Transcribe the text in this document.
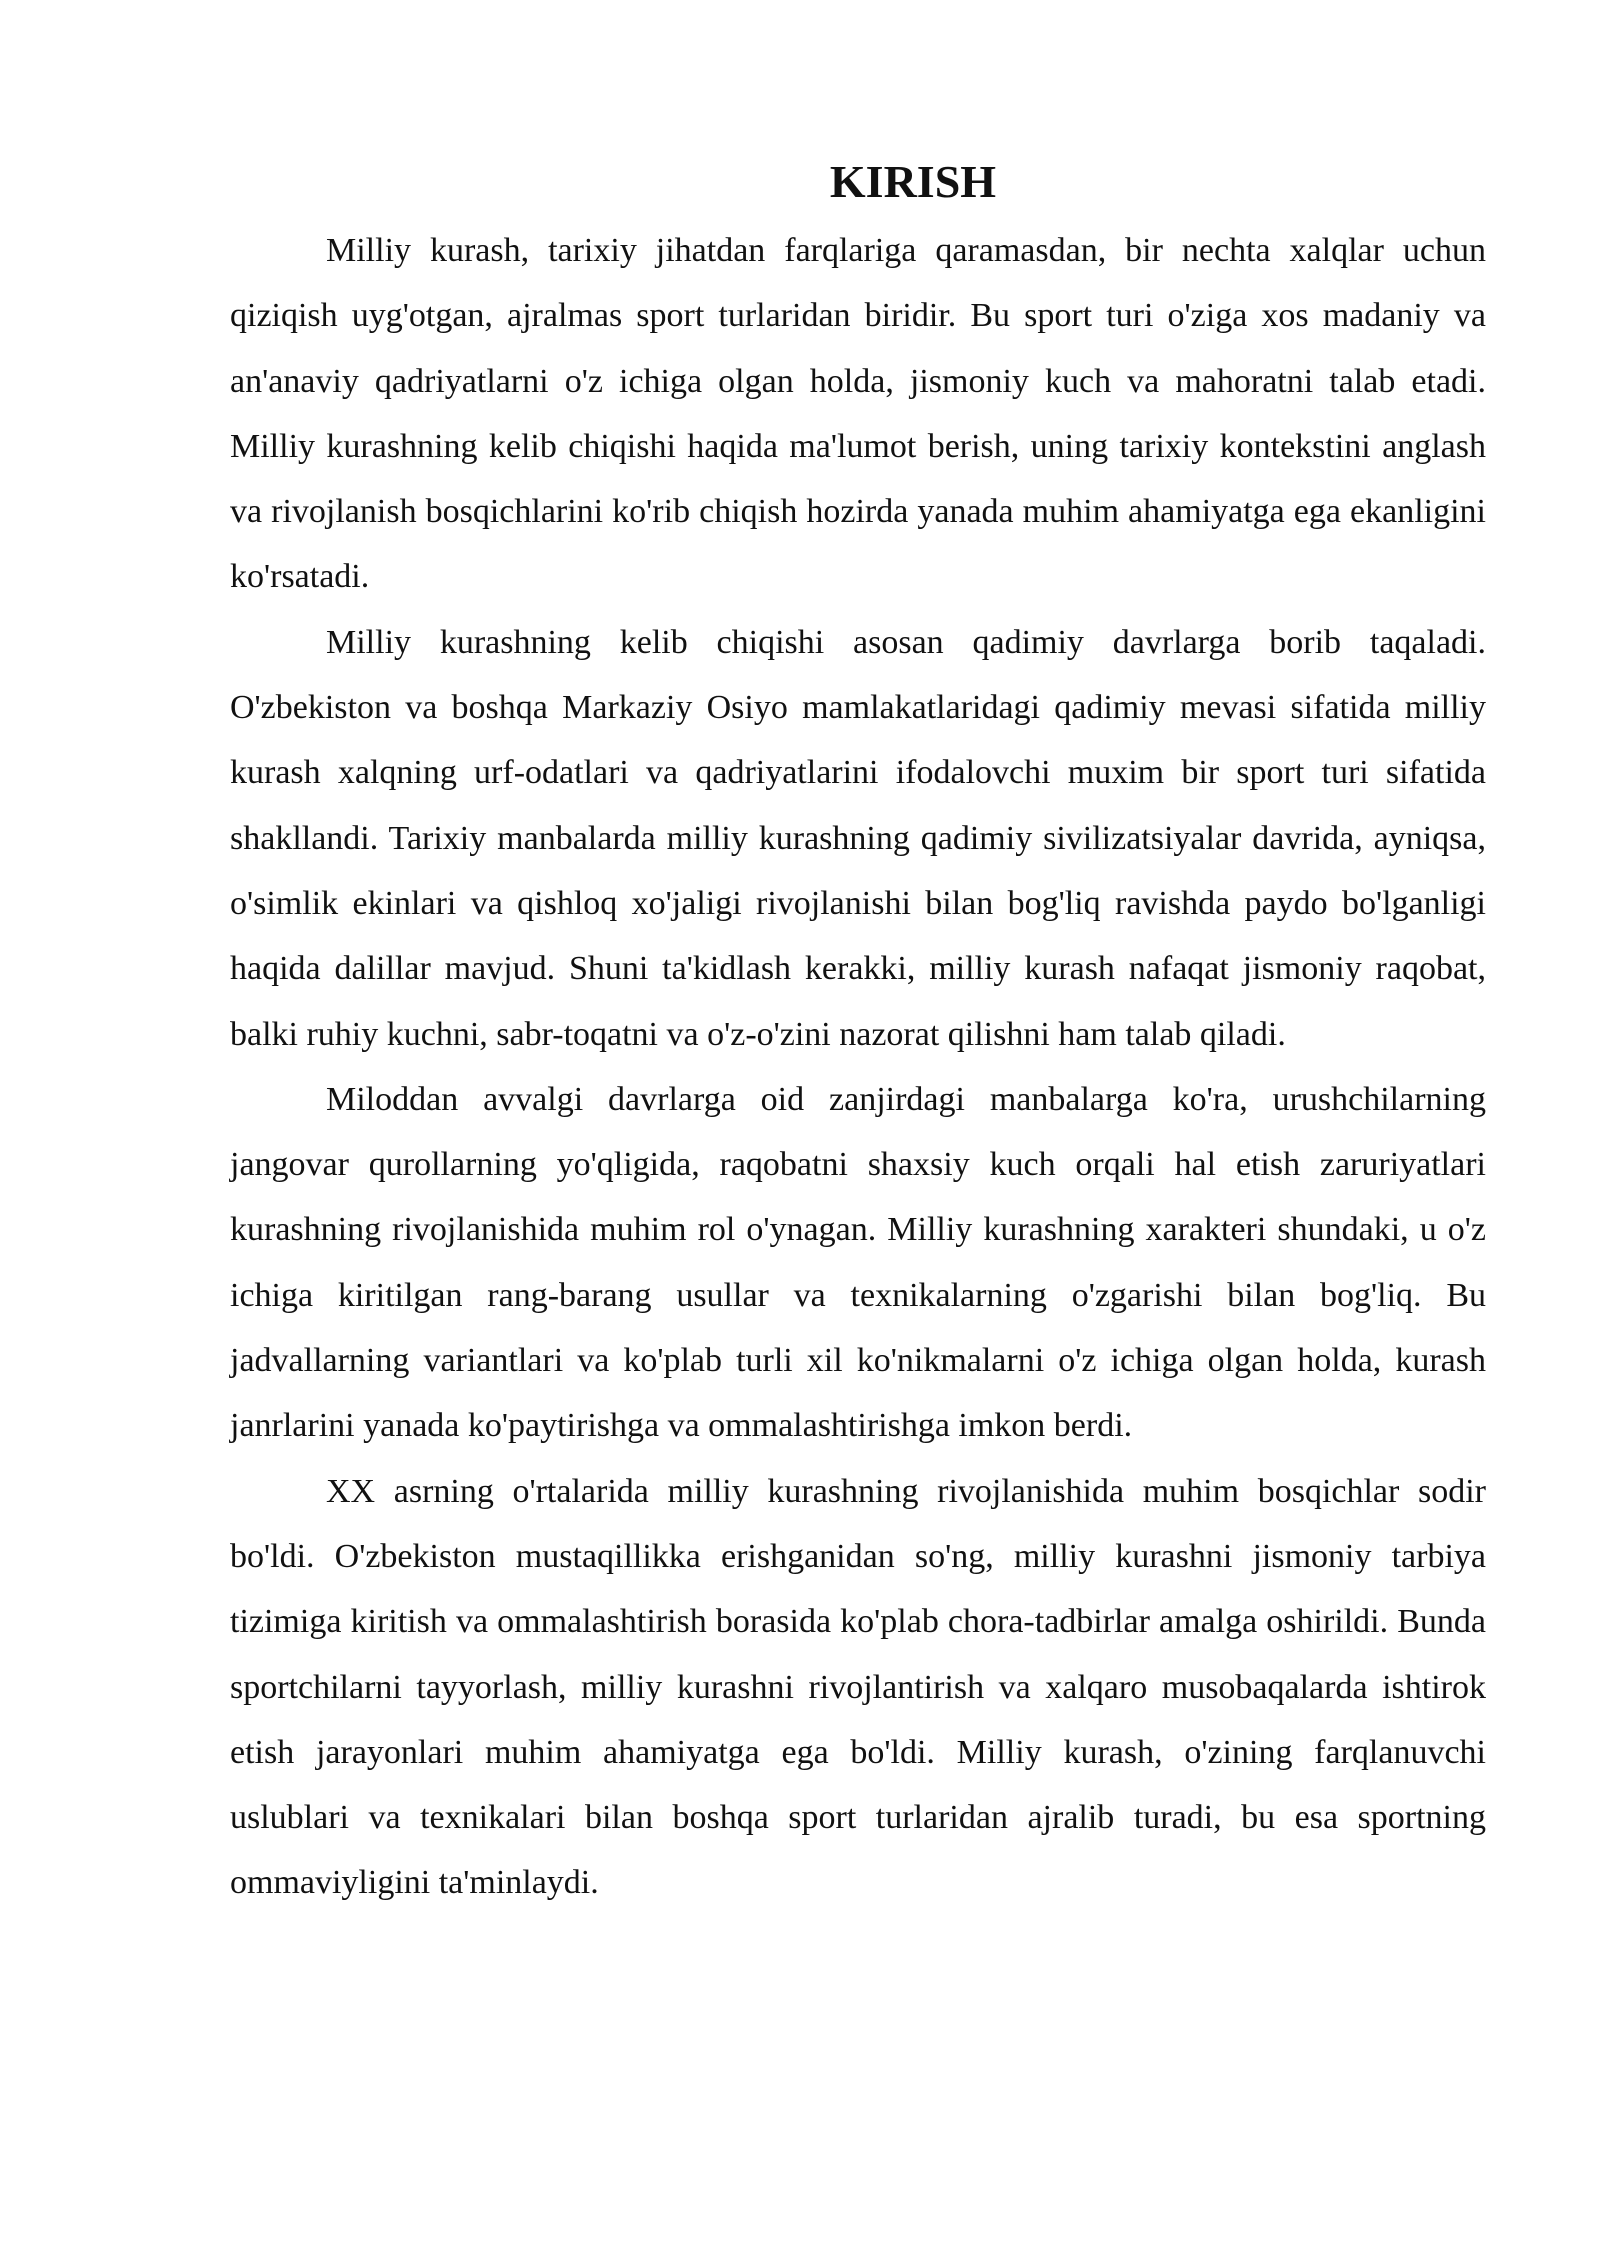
KIRISH

Milliy kurash, tarixiy jihatdan farqlariga qaramasdan, bir nechta xalqlar uchun qiziqish uyg'otgan, ajralmas sport turlaridan biridir. Bu sport turi o'ziga xos madaniy va an'anaviy qadriyatlarni o'z ichiga olgan holda, jismoniy kuch va mahoratni talab etadi. Milliy kurashning kelib chiqishi haqida ma'lumot berish, uning tarixiy kontekstini anglash va rivojlanish bosqichlarini ko'rib chiqish hozirda yanada muhim ahamiyatga ega ekanligini ko'rsatadi.

Milliy kurashning kelib chiqishi asosan qadimiy davrlarga borib taqaladi. O'zbekiston va boshqa Markaziy Osiyo mamlakatlaridagi qadimiy mevasi sifatida milliy kurash xalqning urf-odatlari va qadriyatlarini ifodalovchi muxim bir sport turi sifatida shakllandi. Tarixiy manbalarda milliy kurashning qadimiy sivilizatsiyalar davrida, ayniqsa, o'simlik ekinlari va qishloq xo'jaligi rivojlanishi bilan bog'liq ravishda paydo bo'lganligi haqida dalillar mavjud. Shuni ta'kidlash kerakki, milliy kurash nafaqat jismoniy raqobat, balki ruhiy kuchni, sabr-toqatni va o'z-o'zini nazorat qilishni ham talab qiladi.

Miloddan avvalgi davrlarga oid zanjirdagi manbalarga ko'ra, urushchilarning jangovar qurollarning yo'qligida, raqobatni shaxsiy kuch orqali hal etish zaruriyatlari kurashning rivojlanishida muhim rol o'ynagan. Milliy kurashning xarakteri shundaki, u o'z ichiga kiritilgan rang-barang usullar va texnikalarning o'zgarishi bilan bog'liq. Bu jadvallarning variantlari va ko'plab turli xil ko'nikmalarni o'z ichiga olgan holda, kurash janrlarini yanada ko'paytirishga va ommalashtirishga imkon berdi.

XX asrning o'rtalarida milliy kurashning rivojlanishida muhim bosqichlar sodir bo'ldi. O'zbekiston mustaqillikka erishganidan so'ng, milliy kurashni jismoniy tarbiya tizimiga kiritish va ommalashtirish borasida ko'plab chora-tadbirlar amalga oshirildi. Bunda sportchilarni tayyorlash, milliy kurashni rivojlantirish va xalqaro musobaqalarda ishtirok etish jarayonlari muhim ahamiyatga ega bo'ldi. Milliy kurash, o'zining farqlanuvchi uslublari va texnikalari bilan boshqa sport turlaridan ajralib turadi, bu esa sportning ommaviyligini ta'minlaydi.
